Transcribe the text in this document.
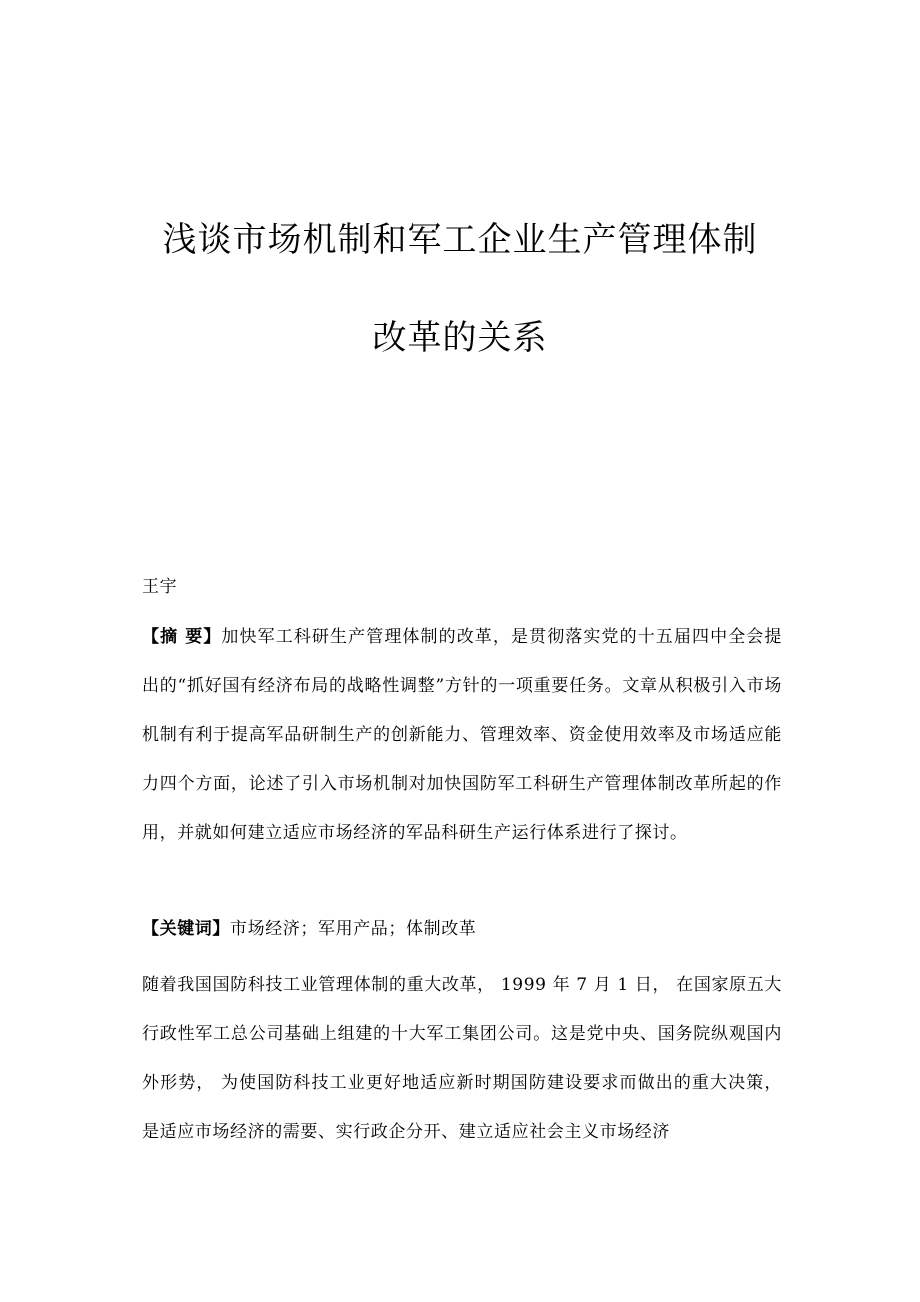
浅谈市场机制和军工企业生产管理体制
改革的关系
王宇

【摘 要】加快军工科研生产管理体制的改革，是贯彻落实党的十五届四中全会提出的“抓好国有经济布局的战略性调整”方针的一项重要任务。文章从积极引入市场机制有利于提高军品研制生产的创新能力、管理效率、资金使用效率及市场适应能力四个方面，论述了引入市场机制对加快国防军工科研生产管理体制改革所起的作用，并就如何建立适应市场经济的军品科研生产运行体系进行了探讨。

【关键词】市场经济；军用产品；体制改革

随着我国国防科技工业管理体制的重大改革， 1999 年 7 月 1 日， 在国家原五大行政性军工总公司基础上组建的十大军工集团公司。这是党中央、国务院纵观国内外形势， 为使国防科技工业更好地适应新时期国防建设要求而做出的重大决策， 是适应市场经济的需要、实行政企分开、建立适应社会主义市场经济
